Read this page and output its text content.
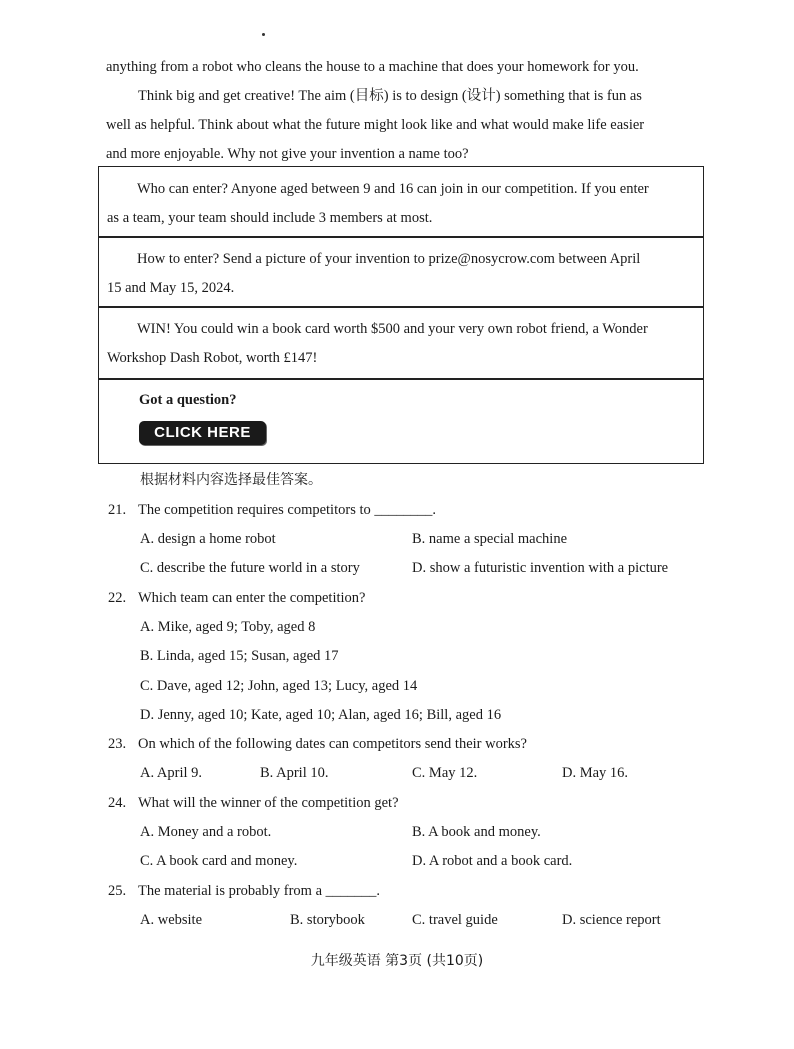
anything from a robot who cleans the house to a machine that does your homework for you.
Think big and get creative! The aim (目标) is to design (设计) something that is fun as
well as helpful. Think about what the future might look like and what would make life easier
and more enjoyable. Why not give your invention a name too?
Who can enter? Anyone aged between 9 and 16 can join in our competition. If you enter
as a team, your team should include 3 members at most.
How to enter? Send a picture of your invention to prize@nosycrow.com between April
15 and May 15, 2024.
WIN! You could win a book card worth $500 and your very own robot friend, a Wonder
Workshop Dash Robot, worth £147!
Got a question?
CLICK HERE
根据材料内容选择最佳答案。
21. The competition requires competitors to ________.
A. design a home robot	B. name a special machine
C. describe the future world in a story	D. show a futuristic invention with a picture
22. Which team can enter the competition?
A. Mike, aged 9; Toby, aged 8
B. Linda, aged 15; Susan, aged 17
C. Dave, aged 12; John, aged 13; Lucy, aged 14
D. Jenny, aged 10; Kate, aged 10; Alan, aged 16; Bill, aged 16
23. On which of the following dates can competitors send their works?
A. April 9.	B. April 10.	C. May 12.	D. May 16.
24. What will the winner of the competition get?
A. Money and a robot.	B. A book and money.
C. A book card and money.	D. A robot and a book card.
25. The material is probably from a _______.
A. website	B. storybook	C. travel guide	D. science report
九年级英语 第3页 (共10页)
